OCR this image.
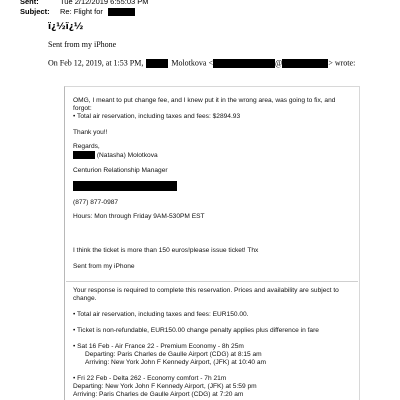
Sent:	Tue 2/12/2019 6:55:03 PM
Subject: Re: Flight for
ï¿½ï¿½
Sent from my iPhone
On Feb 12, 2019, at 1:53 PM,	Molotkova <	@	> wrote:
OMG, I meant to put change fee, and I knew put it in the wrong area, was going to fix, and forgot:
• Total air reservation, including taxes and fees: $2894.93
Thank you!!
Regards,
(Natasha) Molotkova
Centurion Relationship Manager
(877) 877-0987
Hours: Mon through Friday 9AM-530PM EST
I think the ticket is more than 150 euros!please issue ticket! Thx
Sent from my iPhone
Your response is required to complete this reservation. Prices and availability are subject to change.
• Total air reservation, including taxes and fees: EUR150.00.
• Ticket is non-refundable, EUR150.00 change penalty applies plus difference in fare
• Sat 16 Feb - Air France 22 - Premium Economy - 8h 25m
Departing: Paris Charles de Gaulle Airport (CDG) at 8:15 am
Arriving: New York John F Kennedy Airport, (JFK) at 10:40 am
• Fri 22 Feb - Delta 262 - Economy comfort - 7h 21m
Departing: New York John F Kennedy Airport, (JFK) at 5:59 pm
Arriving: Paris Charles de Gaulle Airport (CDG) at 7:20 am
